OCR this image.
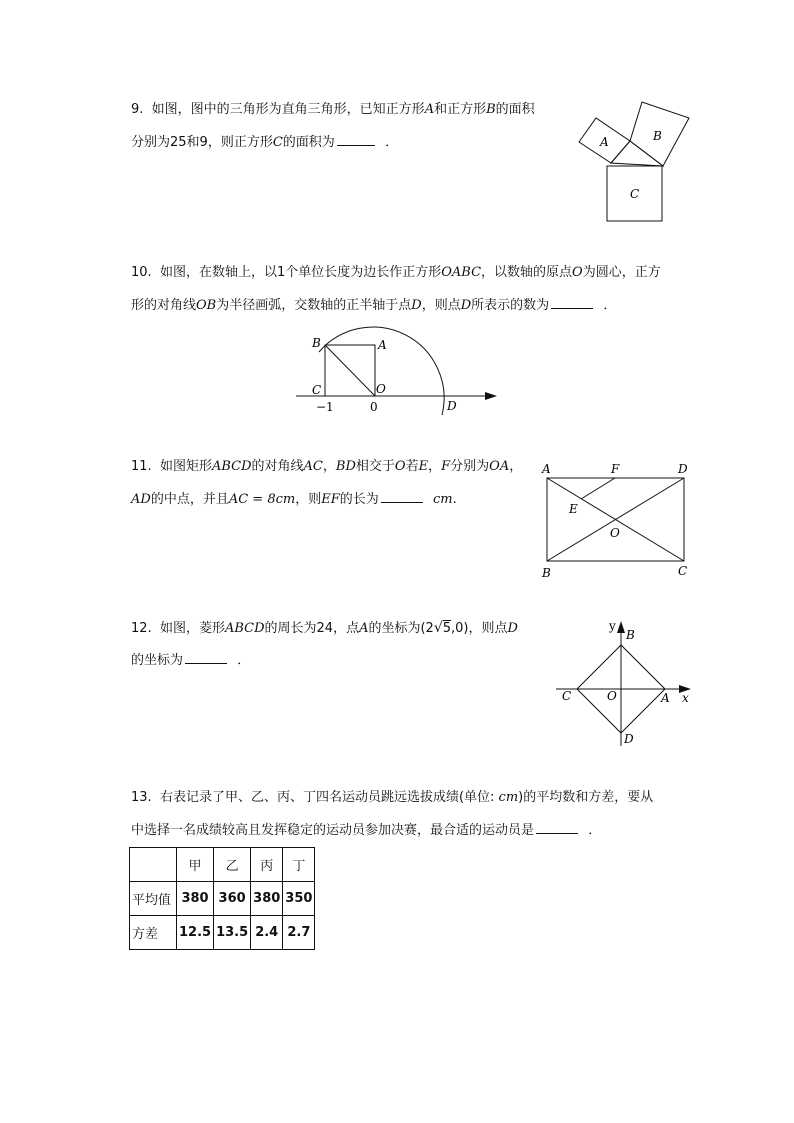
9. 如图，图中的三角形为直角三角形，已知正方形A和正方形B的面积
分别为25和9，则正方形C的面积为	．	A	B
C
10. 如图，在数轴上，以1个单位长度为边长作正方形OABC，以数轴的原点O为圆心，正方
形的对角线OB为半径画弧，交数轴的正半轴于点D，则点D所表示的数为	．
B	A
C	O
D
−1	0
11. 如图矩形ABCD的对角线AC，BD相交于O若E，F分别为OA，
AD的中点，并且AC = 8cm，则EF的长为	cm.
A	F	D
E
O
B	C
12. 如图，菱形ABCD的周长为24，点A的坐标为(2√5,0)，则点D
的坐标为	．
y
B
C	O	A x
D
13. 右表记录了甲、乙、丙、丁四名运动员跳远选拔成绩(单位: cm)的平均数和方差，要从
中选择一名成绩较高且发挥稳定的运动员参加决赛，最合适的运动员是	．
	甲	乙	丙	丁
平均值	380	360	380	350
方差	12.5	13.5	2.4	2.7
